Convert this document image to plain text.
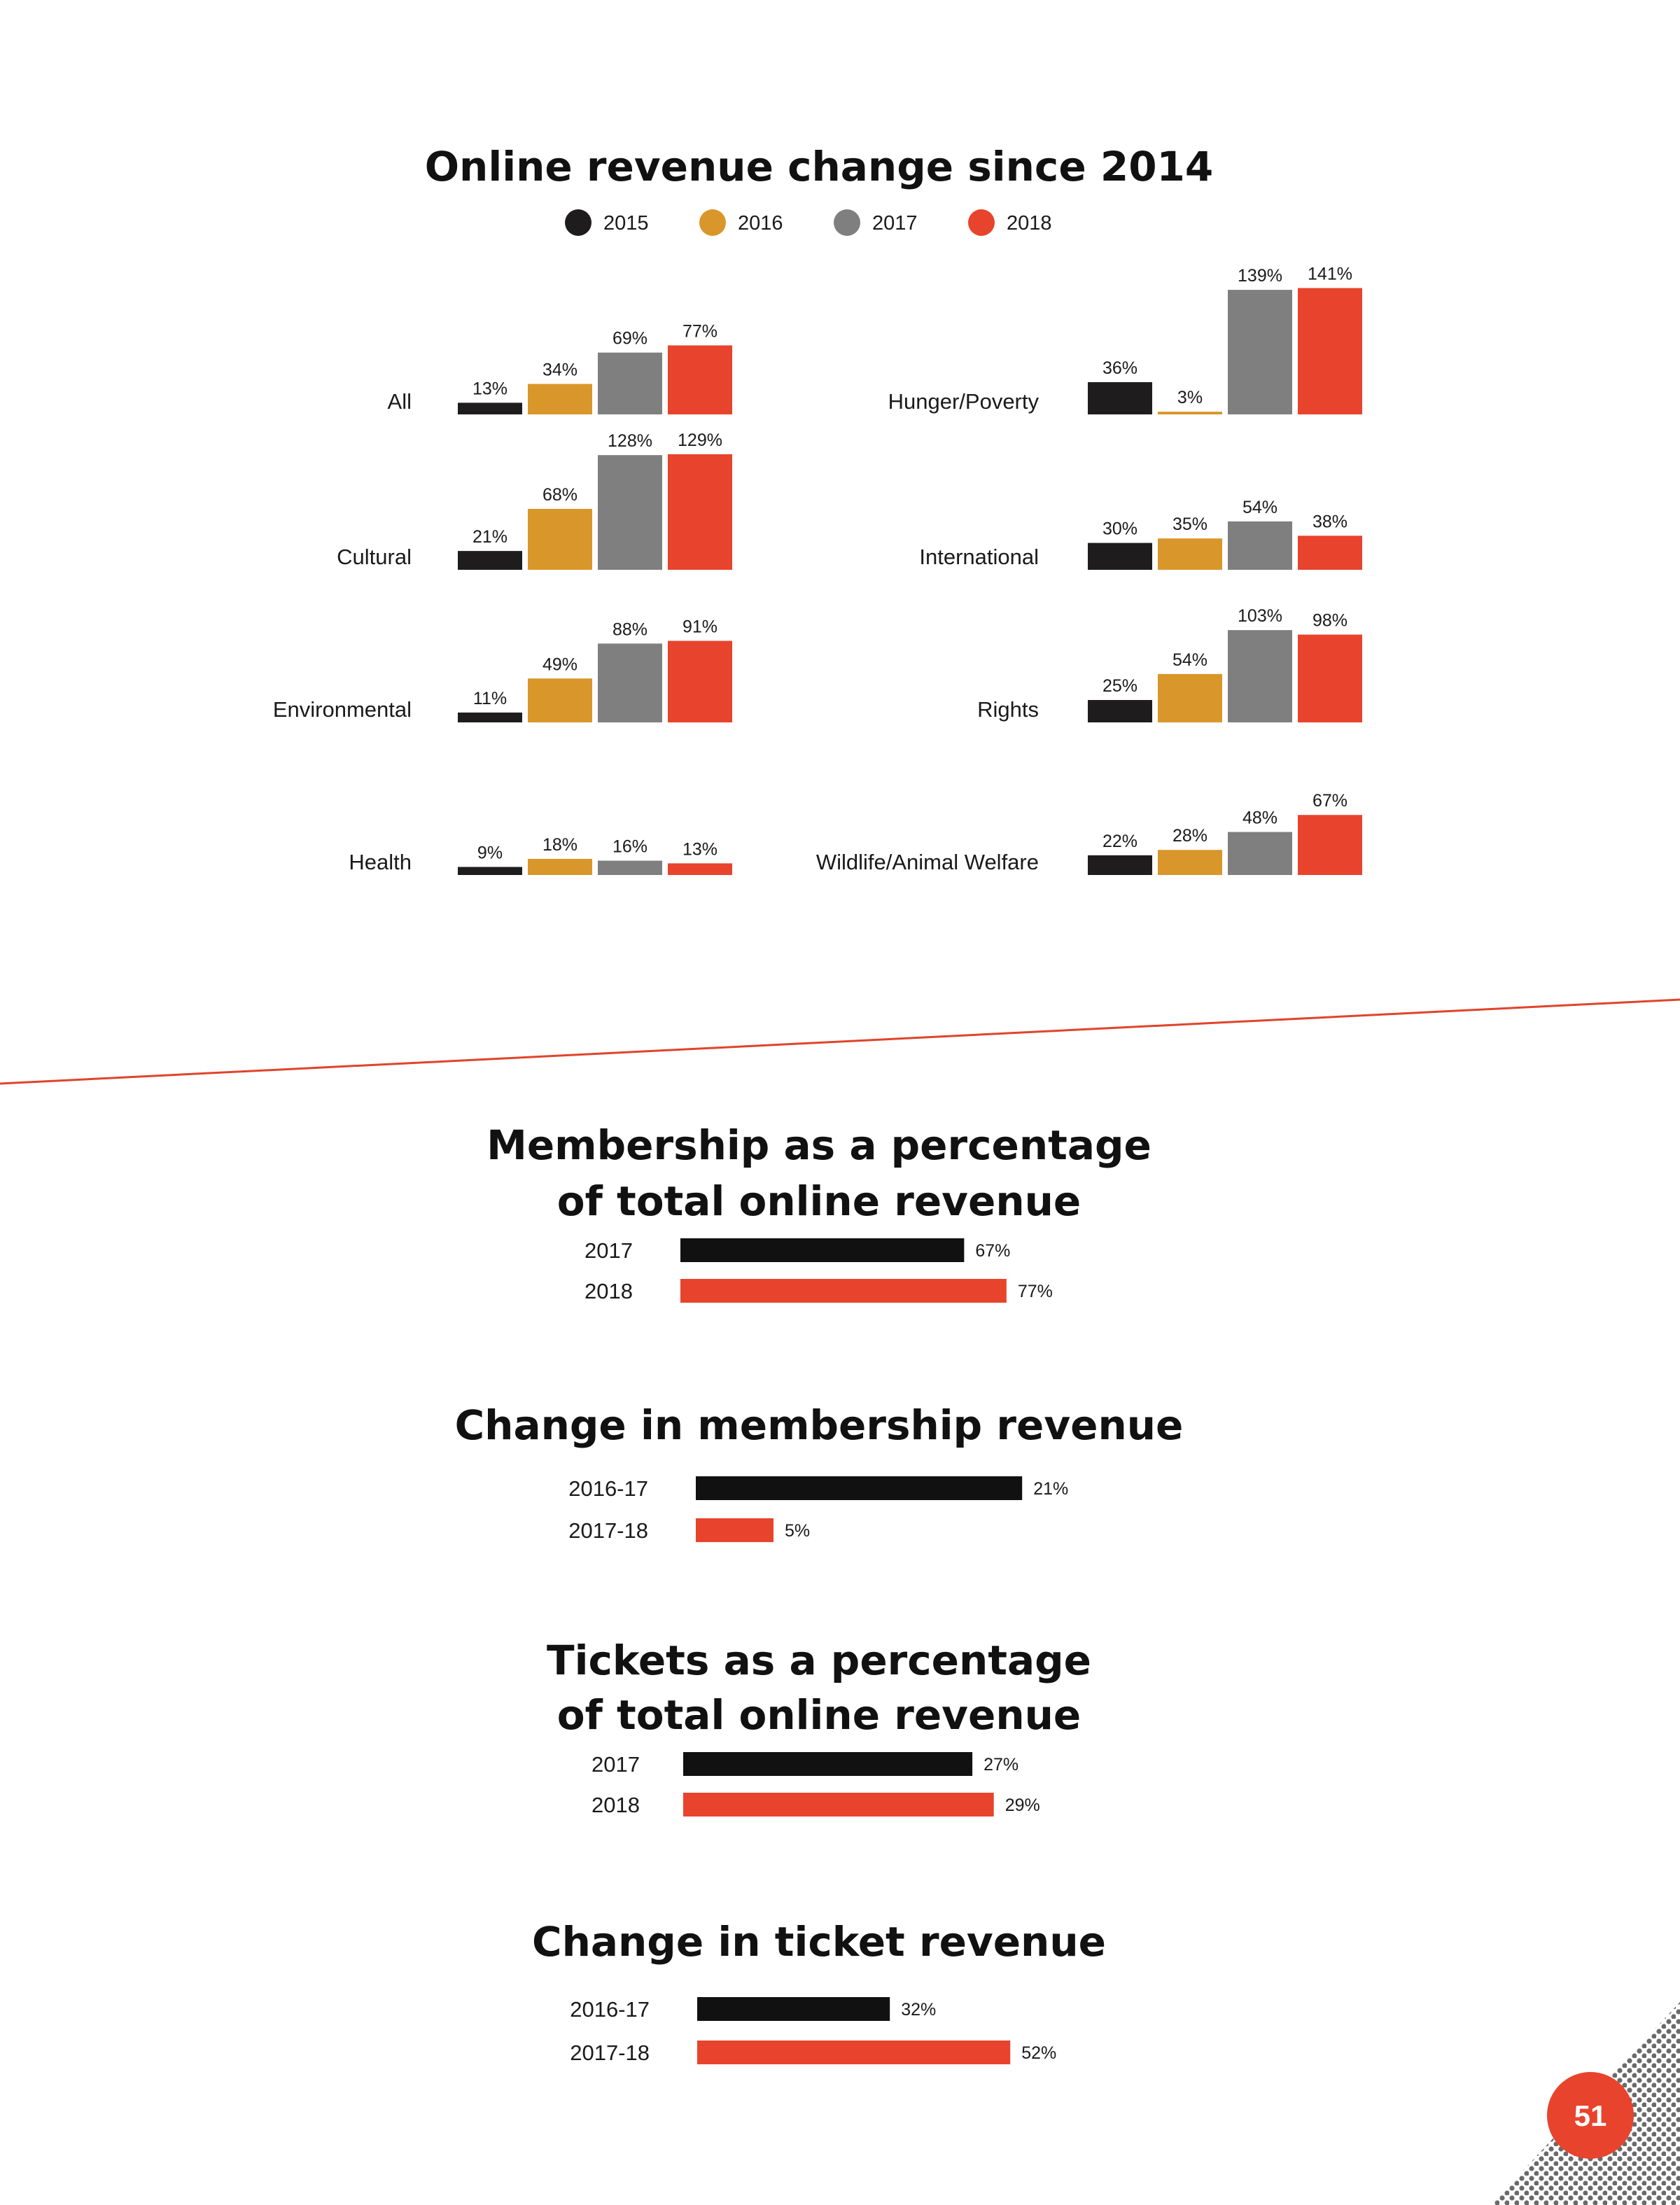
Online revenue change since 2014
2015	2016	2017	2018
All
13%
34%
69% 77%
Cultural
21%
68%
128% 129%
Environmental	11%
49%
88% 91%
Health	9% 18% 16% 13%
Hunger/Poverty
36%
3%
139% 141%
International
30% 35%
54%
38%
Rights
25%
54%
103% 98%
Wildlife/Animal Welfare
22% 28%
48%
67%
Membership as a percentage
of total online revenue
2017	67%
2018	77%
Change in membership revenue
2016-17	21%
2017-18	5%
Tickets as a percentage
of total online revenue
2017	27%
2018	29%
Change in ticket revenue
2016-17	32%
2017-18	52%
51
